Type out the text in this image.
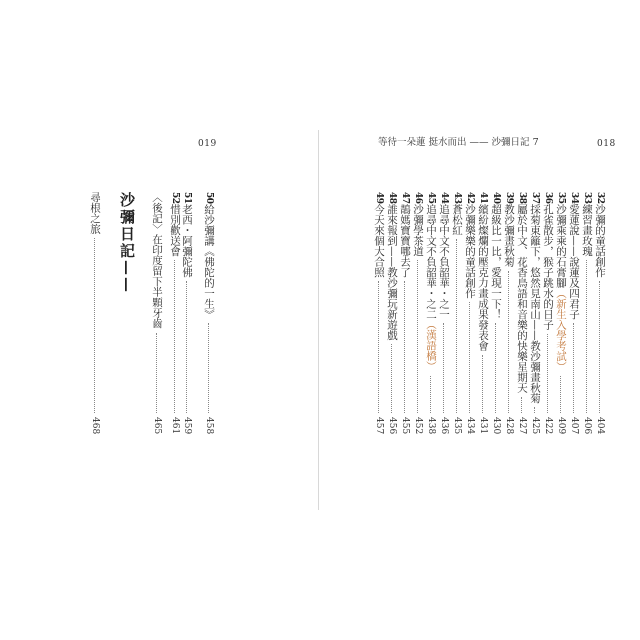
019
50
給沙彌講《佛陀的一生》
458
51
老西・阿彌陀佛
459
52
惜別歡送會
461
〈後記〉在印度留下半顆牙齒
465
沙彌日記——
尋根之旅
468
等待一朵蓮 挺水而出 —— 沙彌日記 7	018
32
沙彌的童話創作
404
33
練習畫玫瑰
406
34
愛蓮說——說蓮及四君子
407
35
沙彌乘乘的石膏腳
（新生入學考試）
409
36
孔雀散步，猴子跳水的日子
422
37
採菊東籬下，悠然見南山——教沙彌畫秋菊
425
38
屬於中文、花香鳥語和音樂的快樂星期天
427
39
教沙彌畫秋菊
428
40
超級比一比，愛現一下！
430
41
繽紛燦爛的壓克力畫成果發表會
431
42
沙彌樂樂的童話創作
434
43
蒼松紅
435
44
追尋中文不負韶華・之一
436
45
追尋中文不負韶華・之二
（漢語橋）
438
46
沙彌學茶道
452
47
鵲媽寶寶哪去了
455
48
誰來報到——教沙彌玩新遊戲
456
49
今天來個大合照
457
